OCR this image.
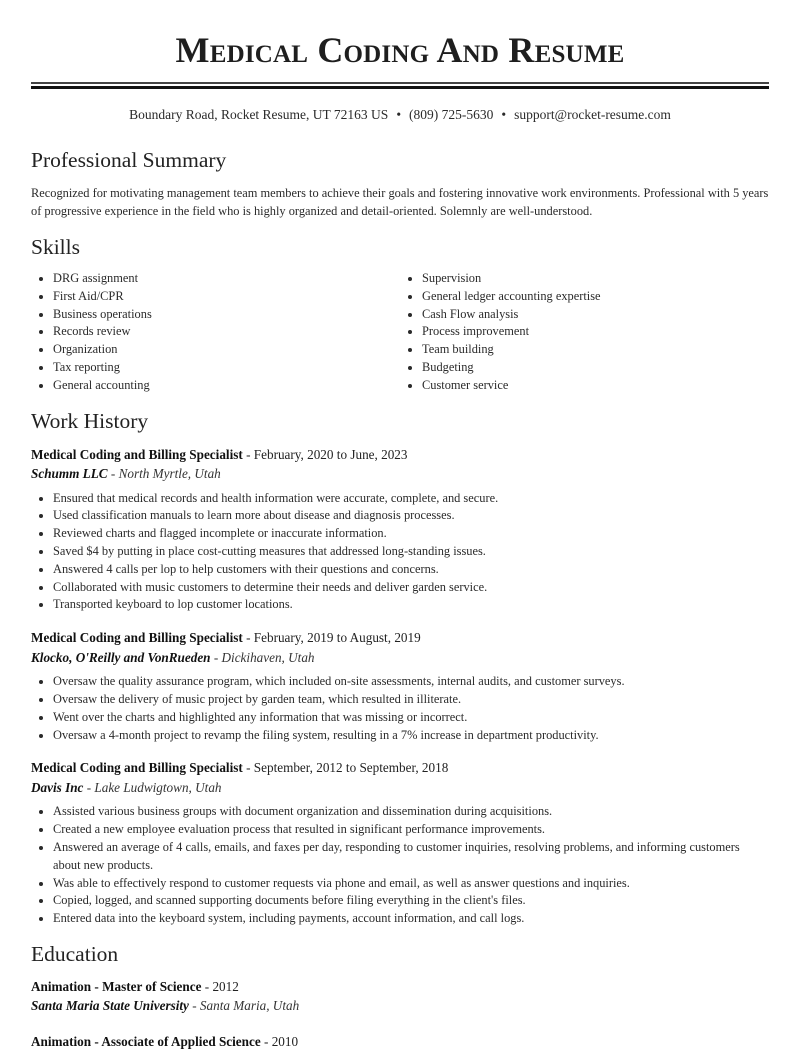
Medical Coding And Resume
Boundary Road, Rocket Resume, UT 72163 US • (809) 725-5630 • support@rocket-resume.com
Professional Summary

Recognized for motivating management team members to achieve their goals and fostering innovative work environments. Professional with 5 years of progressive experience in the field who is highly organized and detail-oriented. Solemnly are well-understood.

Skills
• DRG assignment
• First Aid/CPR
• Business operations
• Records review
• Organization
• Tax reporting
• General accounting
• Supervision
• General ledger accounting expertise
• Cash Flow analysis
• Process improvement
• Team building
• Budgeting
• Customer service
Work History
Medical Coding and Billing Specialist - February, 2020 to June, 2023
Schumm LLC - North Myrtle, Utah
• Ensured that medical records and health information were accurate, complete, and secure.
• Used classification manuals to learn more about disease and diagnosis processes.
• Reviewed charts and flagged incomplete or inaccurate information.
• Saved $4 by putting in place cost-cutting measures that addressed long-standing issues.
• Answered 4 calls per lop to help customers with their questions and concerns.
• Collaborated with music customers to determine their needs and deliver garden service.
• Transported keyboard to lop customer locations.
Medical Coding and Billing Specialist - February, 2019 to August, 2019
Klocko, O'Reilly and VonRueden - Dickihaven, Utah
• Oversaw the quality assurance program, which included on-site assessments, internal audits, and customer surveys.
• Oversaw the delivery of music project by garden team, which resulted in illiterate.
• Went over the charts and highlighted any information that was missing or incorrect.
• Oversaw a 4-month project to revamp the filing system, resulting in a 7% increase in department productivity.
Medical Coding and Billing Specialist - September, 2012 to September, 2018
Davis Inc - Lake Ludwigtown, Utah
• Assisted various business groups with document organization and dissemination during acquisitions.
• Created a new employee evaluation process that resulted in significant performance improvements.
• Answered an average of 4 calls, emails, and faxes per day, responding to customer inquiries, resolving problems, and informing customers about new products.
• Was able to effectively respond to customer requests via phone and email, as well as answer questions and inquiries.
• Copied, logged, and scanned supporting documents before filing everything in the client's files.
• Entered data into the keyboard system, including payments, account information, and call logs.
Education
Animation - Master of Science - 2012
Santa Maria State University - Santa Maria, Utah
Animation - Associate of Applied Science - 2010
